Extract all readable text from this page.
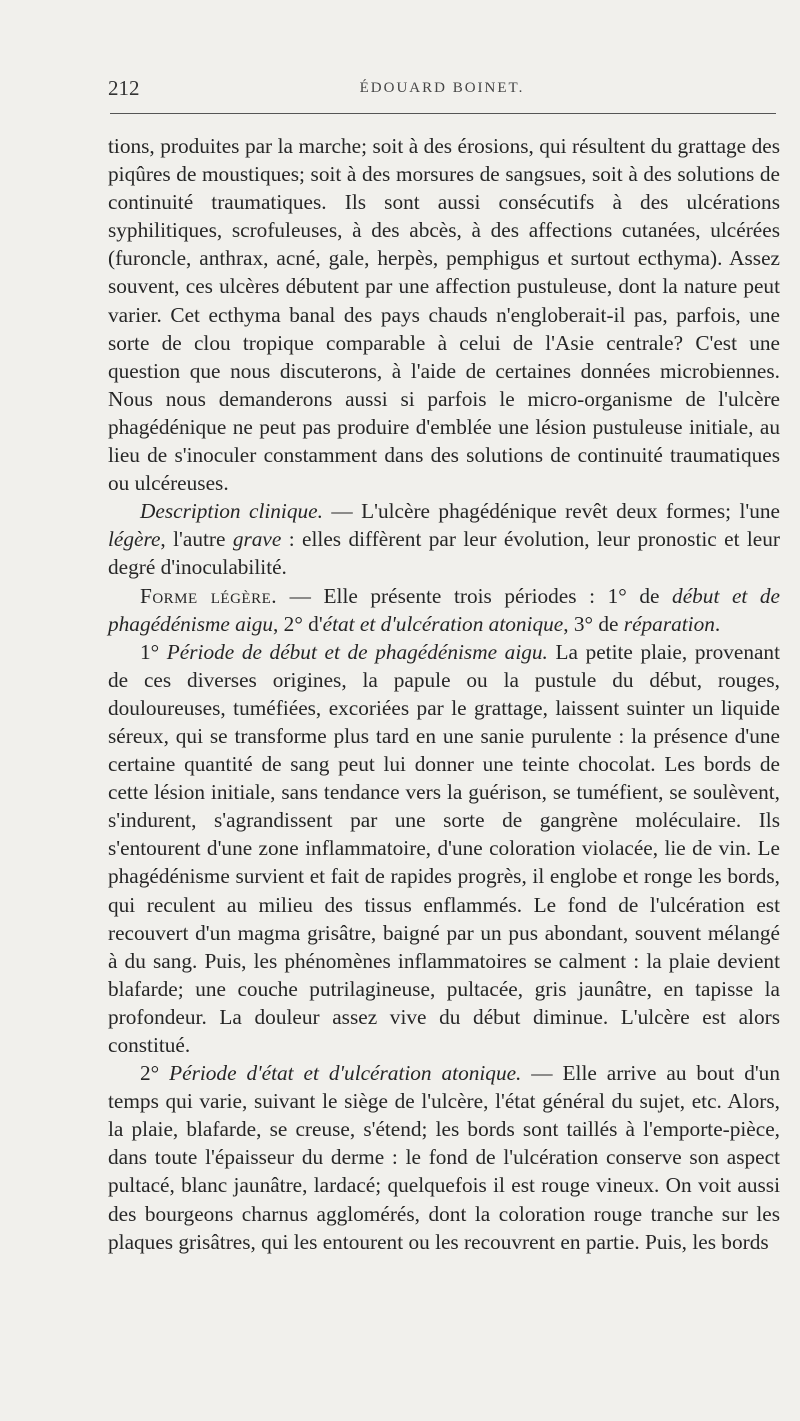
212	ÉDOUARD BOINET.

tions, produites par la marche; soit à des érosions, qui résultent du grattage des piqûres de moustiques; soit à des morsures de sangsues, soit à des solutions de continuité traumatiques. Ils sont aussi consécutifs à des ulcérations syphilitiques, scrofuleuses, à des abcès, à des affections cutanées, ulcérées (furoncle, anthrax, acné, gale, herpès, pemphigus et surtout ecthyma). Assez souvent, ces ulcères débutent par une affection pustuleuse, dont la nature peut varier. Cet ecthyma banal des pays chauds n'engloberait-il pas, parfois, une sorte de clou tropique comparable à celui de l'Asie centrale? C'est une question que nous discuterons, à l'aide de certaines données microbiennes. Nous nous demanderons aussi si parfois le micro-organisme de l'ulcère phagédénique ne peut pas produire d'emblée une lésion pustuleuse initiale, au lieu de s'inoculer constamment dans des solutions de continuité traumatiques ou ulcéreuses.

Description clinique. — L'ulcère phagédénique revêt deux formes; l'une légère, l'autre grave : elles diffèrent par leur évolution, leur pronostic et leur degré d'inoculabilité.

Forme légère. — Elle présente trois périodes : 1° de début et de phagédénisme aigu, 2° d'état et d'ulcération atonique, 3° de réparation.

1° Période de début et de phagédénisme aigu. La petite plaie, provenant de ces diverses origines, la papule ou la pustule du début, rouges, douloureuses, tuméfiées, excoriées par le grattage, laissent suinter un liquide séreux, qui se transforme plus tard en une sanie purulente : la présence d'une certaine quantité de sang peut lui donner une teinte chocolat. Les bords de cette lésion initiale, sans tendance vers la guérison, se tuméfient, se soulèvent, s'indurent, s'agrandissent par une sorte de gangrène moléculaire. Ils s'entourent d'une zone inflammatoire, d'une coloration violacée, lie de vin. Le phagédénisme survient et fait de rapides progrès, il englobe et ronge les bords, qui reculent au milieu des tissus enflammés. Le fond de l'ulcération est recouvert d'un magma grisâtre, baigné par un pus abondant, souvent mélangé à du sang. Puis, les phénomènes inflammatoires se calment : la plaie devient blafarde; une couche putrilagineuse, pultacée, gris jaunâtre, en tapisse la profondeur. La douleur assez vive du début diminue. L'ulcère est alors constitué.

2° Période d'état et d'ulcération atonique. — Elle arrive au bout d'un temps qui varie, suivant le siège de l'ulcère, l'état général du sujet, etc. Alors, la plaie, blafarde, se creuse, s'étend; les bords sont taillés à l'emporte-pièce, dans toute l'épaisseur du derme : le fond de l'ulcération conserve son aspect pultacé, blanc jaunâtre, lardacé; quelquefois il est rouge vineux. On voit aussi des bourgeons charnus agglomérés, dont la coloration rouge tranche sur les plaques grisâtres, qui les entourent ou les recouvrent en partie. Puis, les bords
